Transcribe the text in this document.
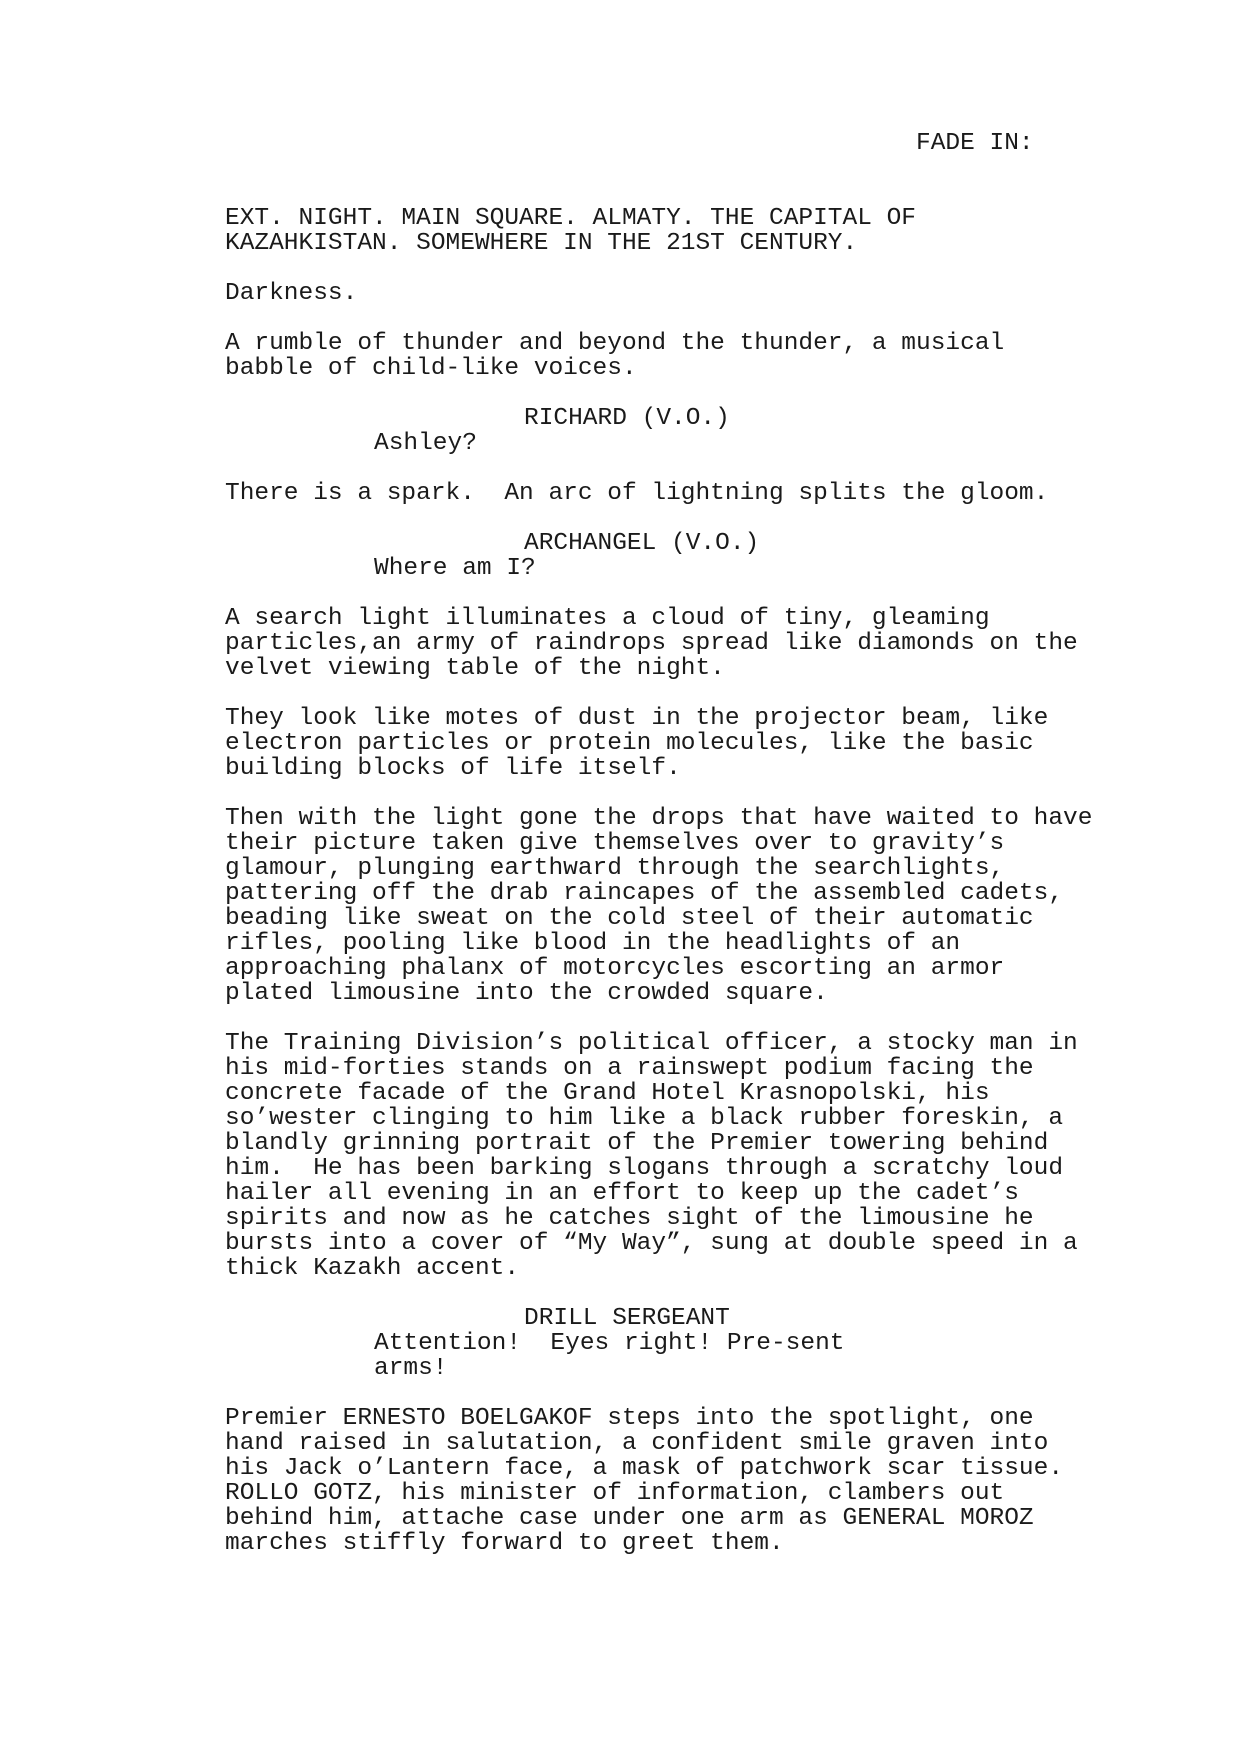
FADE IN:
EXT. NIGHT. MAIN SQUARE. ALMATY. THE CAPITAL OF
KAZAHKISTAN. SOMEWHERE IN THE 21ST CENTURY.
Darkness.
A rumble of thunder and beyond the thunder, a musical
babble of child-like voices.
RICHARD (V.O.)
Ashley?
There is a spark.  An arc of lightning splits the gloom.
ARCHANGEL (V.O.)
Where am I?
A search light illuminates a cloud of tiny, gleaming
particles,an army of raindrops spread like diamonds on the
velvet viewing table of the night.
They look like motes of dust in the projector beam, like
electron particles or protein molecules, like the basic
building blocks of life itself.
Then with the light gone the drops that have waited to have
their picture taken give themselves over to gravity’s
glamour, plunging earthward through the searchlights,
pattering off the drab raincapes of the assembled cadets,
beading like sweat on the cold steel of their automatic
rifles, pooling like blood in the headlights of an
approaching phalanx of motorcycles escorting an armor
plated limousine into the crowded square.
The Training Division’s political officer, a stocky man in
his mid-forties stands on a rainswept podium facing the
concrete facade of the Grand Hotel Krasnopolski, his
so’wester clinging to him like a black rubber foreskin, a
blandly grinning portrait of the Premier towering behind
him.  He has been barking slogans through a scratchy loud
hailer all evening in an effort to keep up the cadet’s
spirits and now as he catches sight of the limousine he
bursts into a cover of “My Way”, sung at double speed in a
thick Kazakh accent.
DRILL SERGEANT
Attention!  Eyes right! Pre-sent
arms!
Premier ERNESTO BOELGAKOF steps into the spotlight, one
hand raised in salutation, a confident smile graven into
his Jack o’Lantern face, a mask of patchwork scar tissue.
ROLLO GOTZ, his minister of information, clambers out
behind him, attache case under one arm as GENERAL MOROZ
marches stiffly forward to greet them.
